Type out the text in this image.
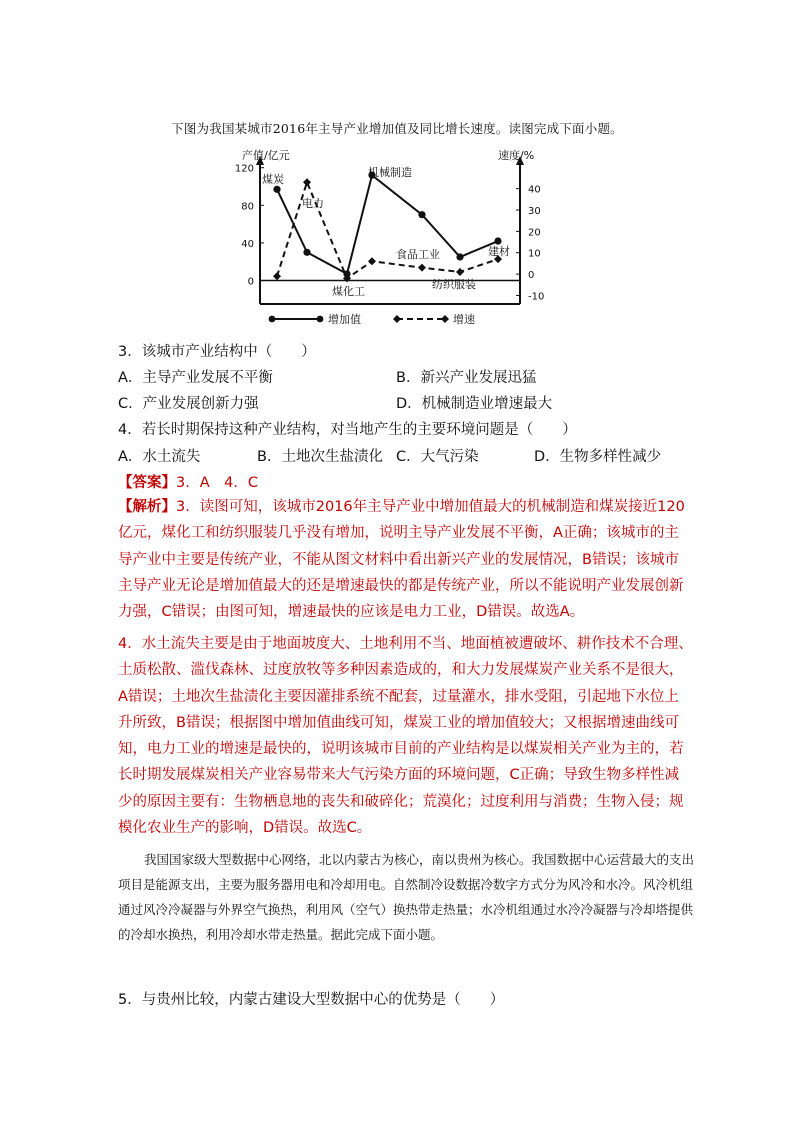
下图为我国某城市2016年主导产业增加值及同比增长速度。读图完成下面小题。
产值/亿元	速度/%
120
80
40
0
40
30
20
10
0
-10
煤炭
电力
煤化工
机械制造
食品工业
纺织服装
建材
增加值	增速
3．该城市产业结构中（　　）
A．主导产业发展不平衡	B．新兴产业发展迅猛
C．产业发展创新力强	D．机械制造业增速最大
4．若长时期保持这种产业结构，对当地产生的主要环境问题是（　　）
A．水土流失	B．土地次生盐渍化 C．大气污染	D．生物多样性减少
【答案】3．A　4．C
【解析】3．读图可知，该城市2016年主导产业中增加值最大的机械制造和煤炭接近120亿元，煤化工和纺织服装几乎没有增加，说明主导产业发展不平衡，A正确；该城市的主导产业中主要是传统产业，不能从图文材料中看出新兴产业的发展情况，B错误；该城市主导产业无论是增加值最大的还是增速最快的都是传统产业，所以不能说明产业发展创新力强，C错误；由图可知，增速最快的应该是电力工业，D错误。故选A。
4．水土流失主要是由于地面坡度大、土地利用不当、地面植被遭破坏、耕作技术不合理、土质松散、滥伐森林、过度放牧等多种因素造成的，和大力发展煤炭产业关系不是很大，A错误；土地次生盐渍化主要因灌排系统不配套，过量灌水，排水受阻，引起地下水位上升所致，B错误；根据图中增加值曲线可知，煤炭工业的增加值较大；又根据增速曲线可知，电力工业的增速是最快的，说明该城市目前的产业结构是以煤炭相关产业为主的，若长时期发展煤炭相关产业容易带来大气污染方面的环境问题，C正确；导致生物多样性减少的原因主要有：生物栖息地的丧失和破碎化；荒漠化；过度利用与消费；生物入侵；规模化农业生产的影响，D错误。故选C。
我国国家级大型数据中心网络，北以内蒙古为核心，南以贵州为核心。我国数据中心运营最大的支出项目是能源支出，主要为服务器用电和冷却用电。自然制冷设数据冷数字方式分为风冷和水冷。风冷机组通过风冷冷凝器与外界空气换热，利用风（空气）换热带走热量；水冷机组通过水冷冷凝器与冷却塔提供的冷却水换热，利用冷却水带走热量。据此完成下面小题。
5．与贵州比较，内蒙古建设大型数据中心的优势是（　　）
